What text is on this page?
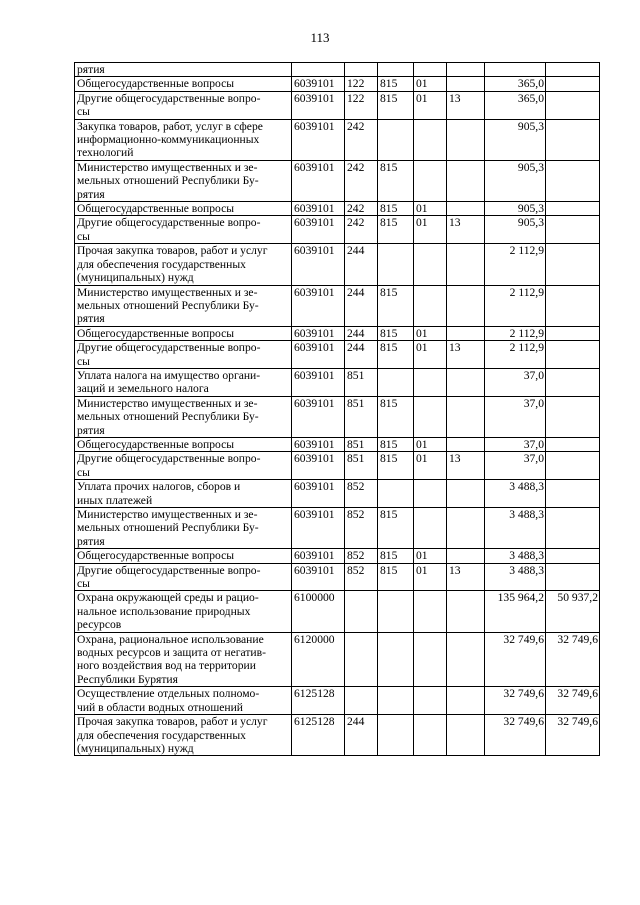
113
рятия							
Общегосударственные вопросы	6039101	122	815	01		365,0	
Другие общегосударственные вопро-
сы	6039101	122	815	01	13	365,0	
Закупка товаров, работ, услуг в сфере
информационно-коммуникационных
технологий	6039101	242				905,3	
Министерство имущественных и зе-
мельных отношений Республики Бу-
рятия	6039101	242	815			905,3	
Общегосударственные вопросы	6039101	242	815	01		905,3	
Другие общегосударственные вопро-
сы	6039101	242	815	01	13	905,3	
Прочая закупка товаров, работ и услуг
для обеспечения государственных
(муниципальных) нужд	6039101	244				2 112,9	
Министерство имущественных и зе-
мельных отношений Республики Бу-
рятия	6039101	244	815			2 112,9	
Общегосударственные вопросы	6039101	244	815	01		2 112,9	
Другие общегосударственные вопро-
сы	6039101	244	815	01	13	2 112,9	
Уплата налога на имущество органи-
заций и земельного налога	6039101	851				37,0	
Министерство имущественных и зе-
мельных отношений Республики Бу-
рятия	6039101	851	815			37,0	
Общегосударственные вопросы	6039101	851	815	01		37,0	
Другие общегосударственные вопро-
сы	6039101	851	815	01	13	37,0	
Уплата прочих налогов, сборов и
иных платежей	6039101	852				3 488,3	
Министерство имущественных и зе-
мельных отношений Республики Бу-
рятия	6039101	852	815			3 488,3	
Общегосударственные вопросы	6039101	852	815	01		3 488,3	
Другие общегосударственные вопро-
сы	6039101	852	815	01	13	3 488,3	
Охрана окружающей среды и рацио-
нальное использование природных
ресурсов	6100000					135 964,2	50 937,2
Охрана, рациональное использование
водных ресурсов и защита от негатив-
ного воздействия вод на территории
Республики Бурятия	6120000					32 749,6	32 749,6
Осуществление отдельных полномо-
чий в области водных отношений	6125128					32 749,6	32 749,6
Прочая закупка товаров, работ и услуг
для обеспечения государственных
(муниципальных) нужд	6125128	244				32 749,6	32 749,6
